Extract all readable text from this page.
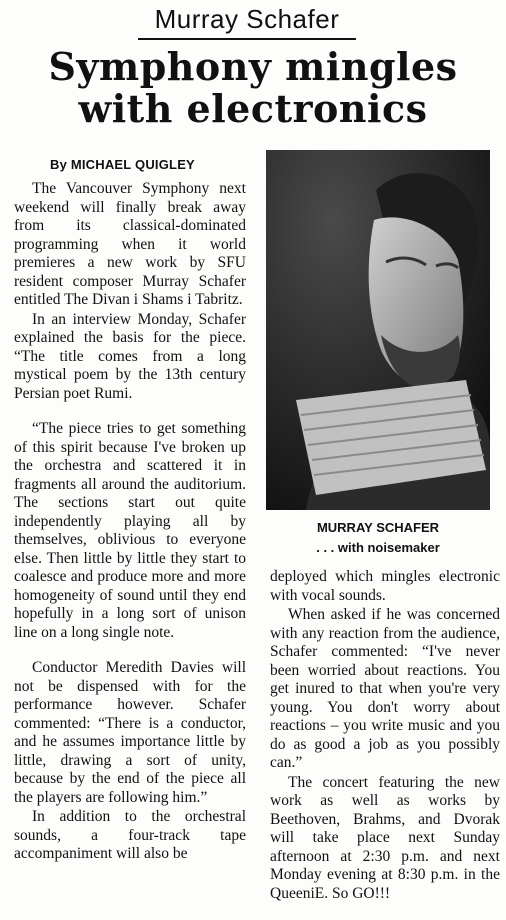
Murray Schafer
Symphony mingles
with electronics
By MICHAEL QUIGLEY

The Vancouver Symphony next weekend will finally break away from its classical-dominated programming when it world premieres a new work by SFU resident composer Murray Schafer entitled The Divan i Shams i Tabritz.

In an interview Monday, Schafer explained the basis for the piece. “The title comes from a long mystical poem by the 13th century Persian poet Rumi.

“The piece tries to get something of this spirit because I've broken up the orchestra and scattered it in fragments all around the auditorium. The sections start out quite independently playing all by themselves, oblivious to everyone else. Then little by little they start to coalesce and produce more and more homogeneity of sound until they end hopefully in a long sort of unison line on a long single note.

Conductor Meredith Davies will not be dispensed with for the performance however. Schafer commented: “There is a conductor, and he assumes importance little by little, drawing a sort of unity, because by the end of the piece all the players are following him.”

In addition to the orchestral sounds, a four-track tape accompaniment will also be

MURRAY SCHAFER
. . . with noisemaker

deployed which mingles electronic with vocal sounds.

When asked if he was concerned with any reaction from the audience, Schafer commented: “I've never been worried about reactions. You get inured to that when you're very young. You don't worry about reactions – you write music and you do as good a job as you possibly can.”

The concert featuring the new work as well as works by Beethoven, Brahms, and Dvorak will take place next Sunday afternoon at 2:30 p.m. and next Monday evening at 8:30 p.m. in the QueeniE. So GO!!!
